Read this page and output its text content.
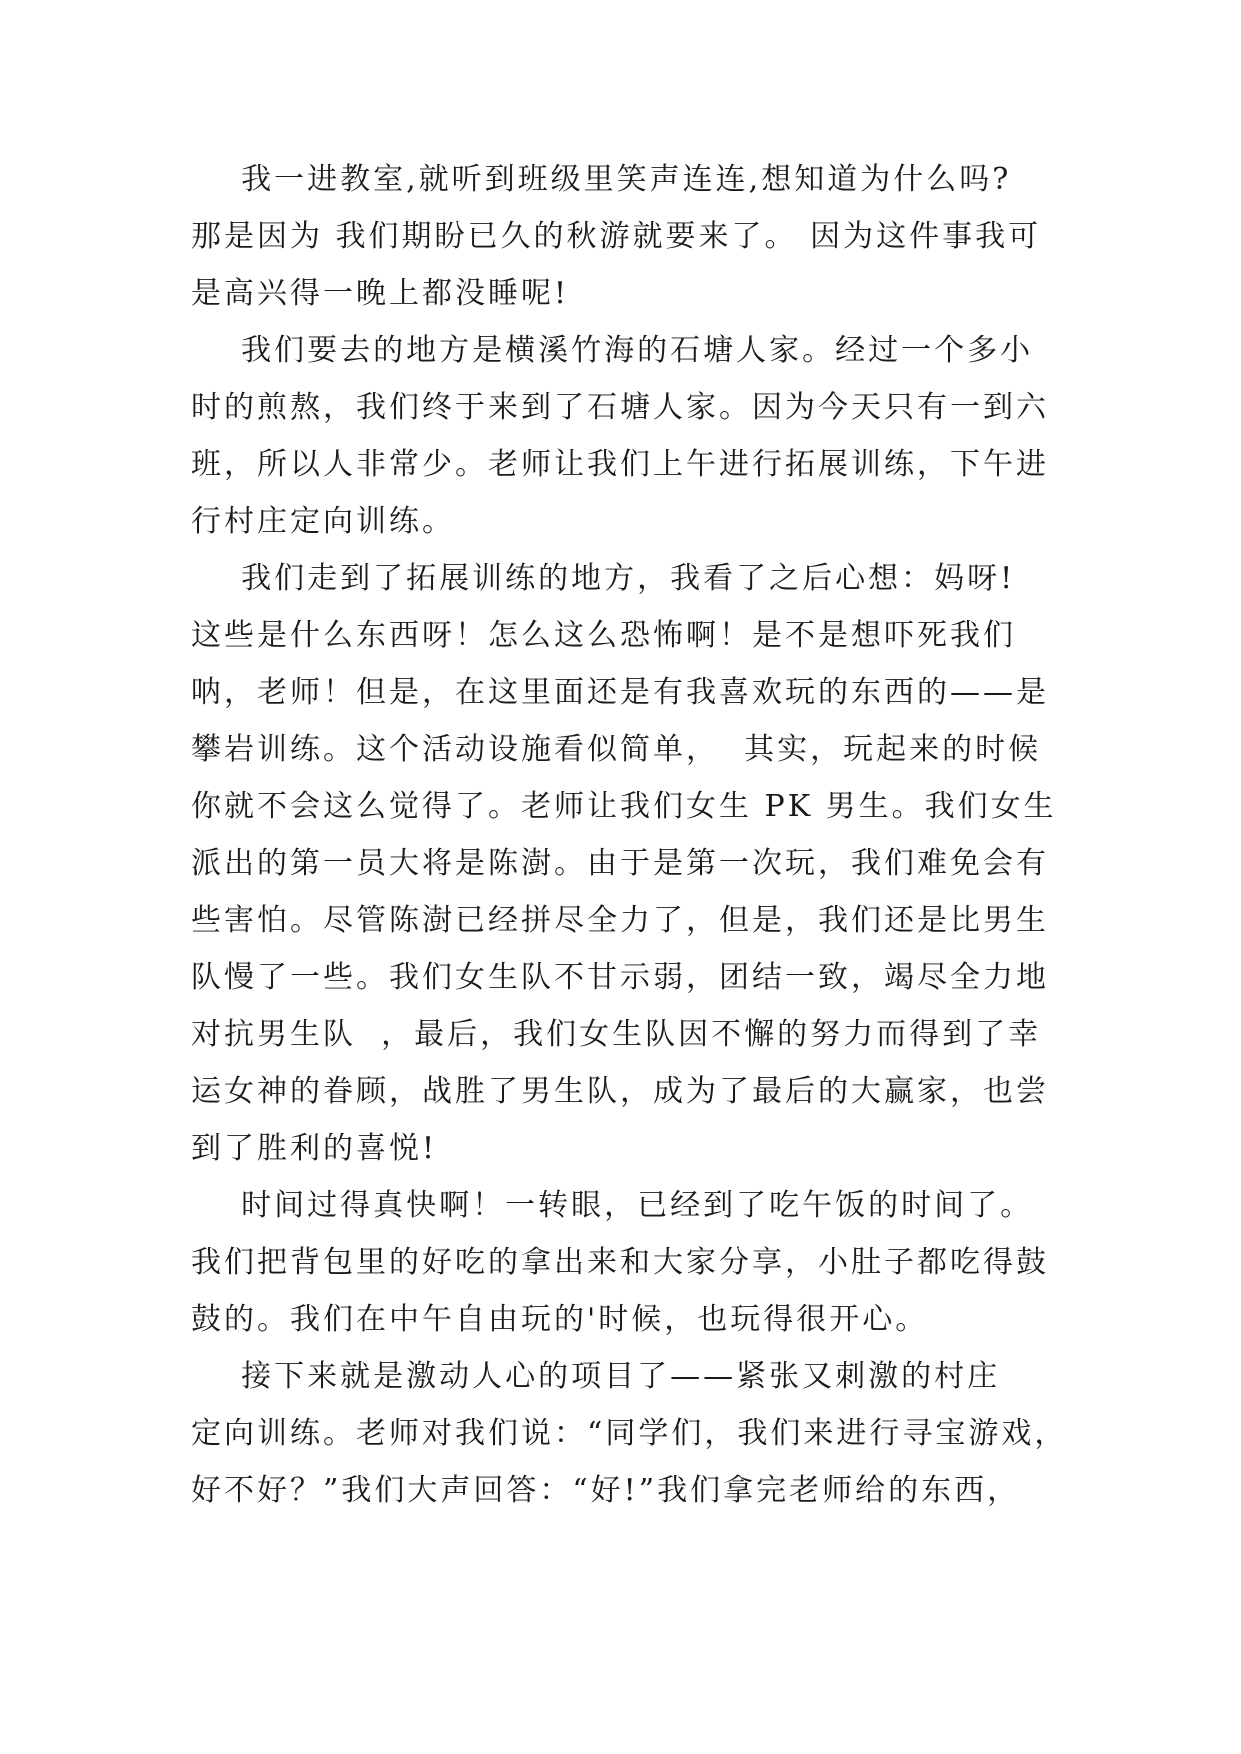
我一进教室,就听到班级里笑声连连,想知道为什么吗?
那是因为 我们期盼已久的秋游就要来了。 因为这件事我可
是高兴得一晚上都没睡呢!
我们要去的地方是横溪竹海的石塘人家。经过一个多小
时的煎熬，我们终于来到了石塘人家。因为今天只有一到六
班，所以人非常少。老师让我们上午进行拓展训练，下午进
行村庄定向训练。
我们走到了拓展训练的地方，我看了之后心想：妈呀!
这些是什么东西呀！怎么这么恐怖啊！是不是想吓死我们
呐，老师！但是，在这里面还是有我喜欢玩的东西的——是
攀岩训练。这个活动设施看似简单，  其实，玩起来的时候
你就不会这么觉得了。老师让我们女生 PK 男生。我们女生
派出的第一员大将是陈澍。由于是第一次玩，我们难免会有
些害怕。尽管陈澍已经拼尽全力了，但是，我们还是比男生
队慢了一些。我们女生队不甘示弱，团结一致，竭尽全力地
对抗男生队  ，最后，我们女生队因不懈的努力而得到了幸
运女神的眷顾，战胜了男生队，成为了最后的大赢家，也尝
到了胜利的喜悦!
时间过得真快啊！一转眼，已经到了吃午饭的时间了。
我们把背包里的好吃的拿出来和大家分享，小肚子都吃得鼓
鼓的。我们在中午自由玩的'时候，也玩得很开心。
接下来就是激动人心的项目了——紧张又刺激的村庄
定向训练。老师对我们说：“同学们，我们来进行寻宝游戏，
好不好？”我们大声回答：“好!”我们拿完老师给的东西，
